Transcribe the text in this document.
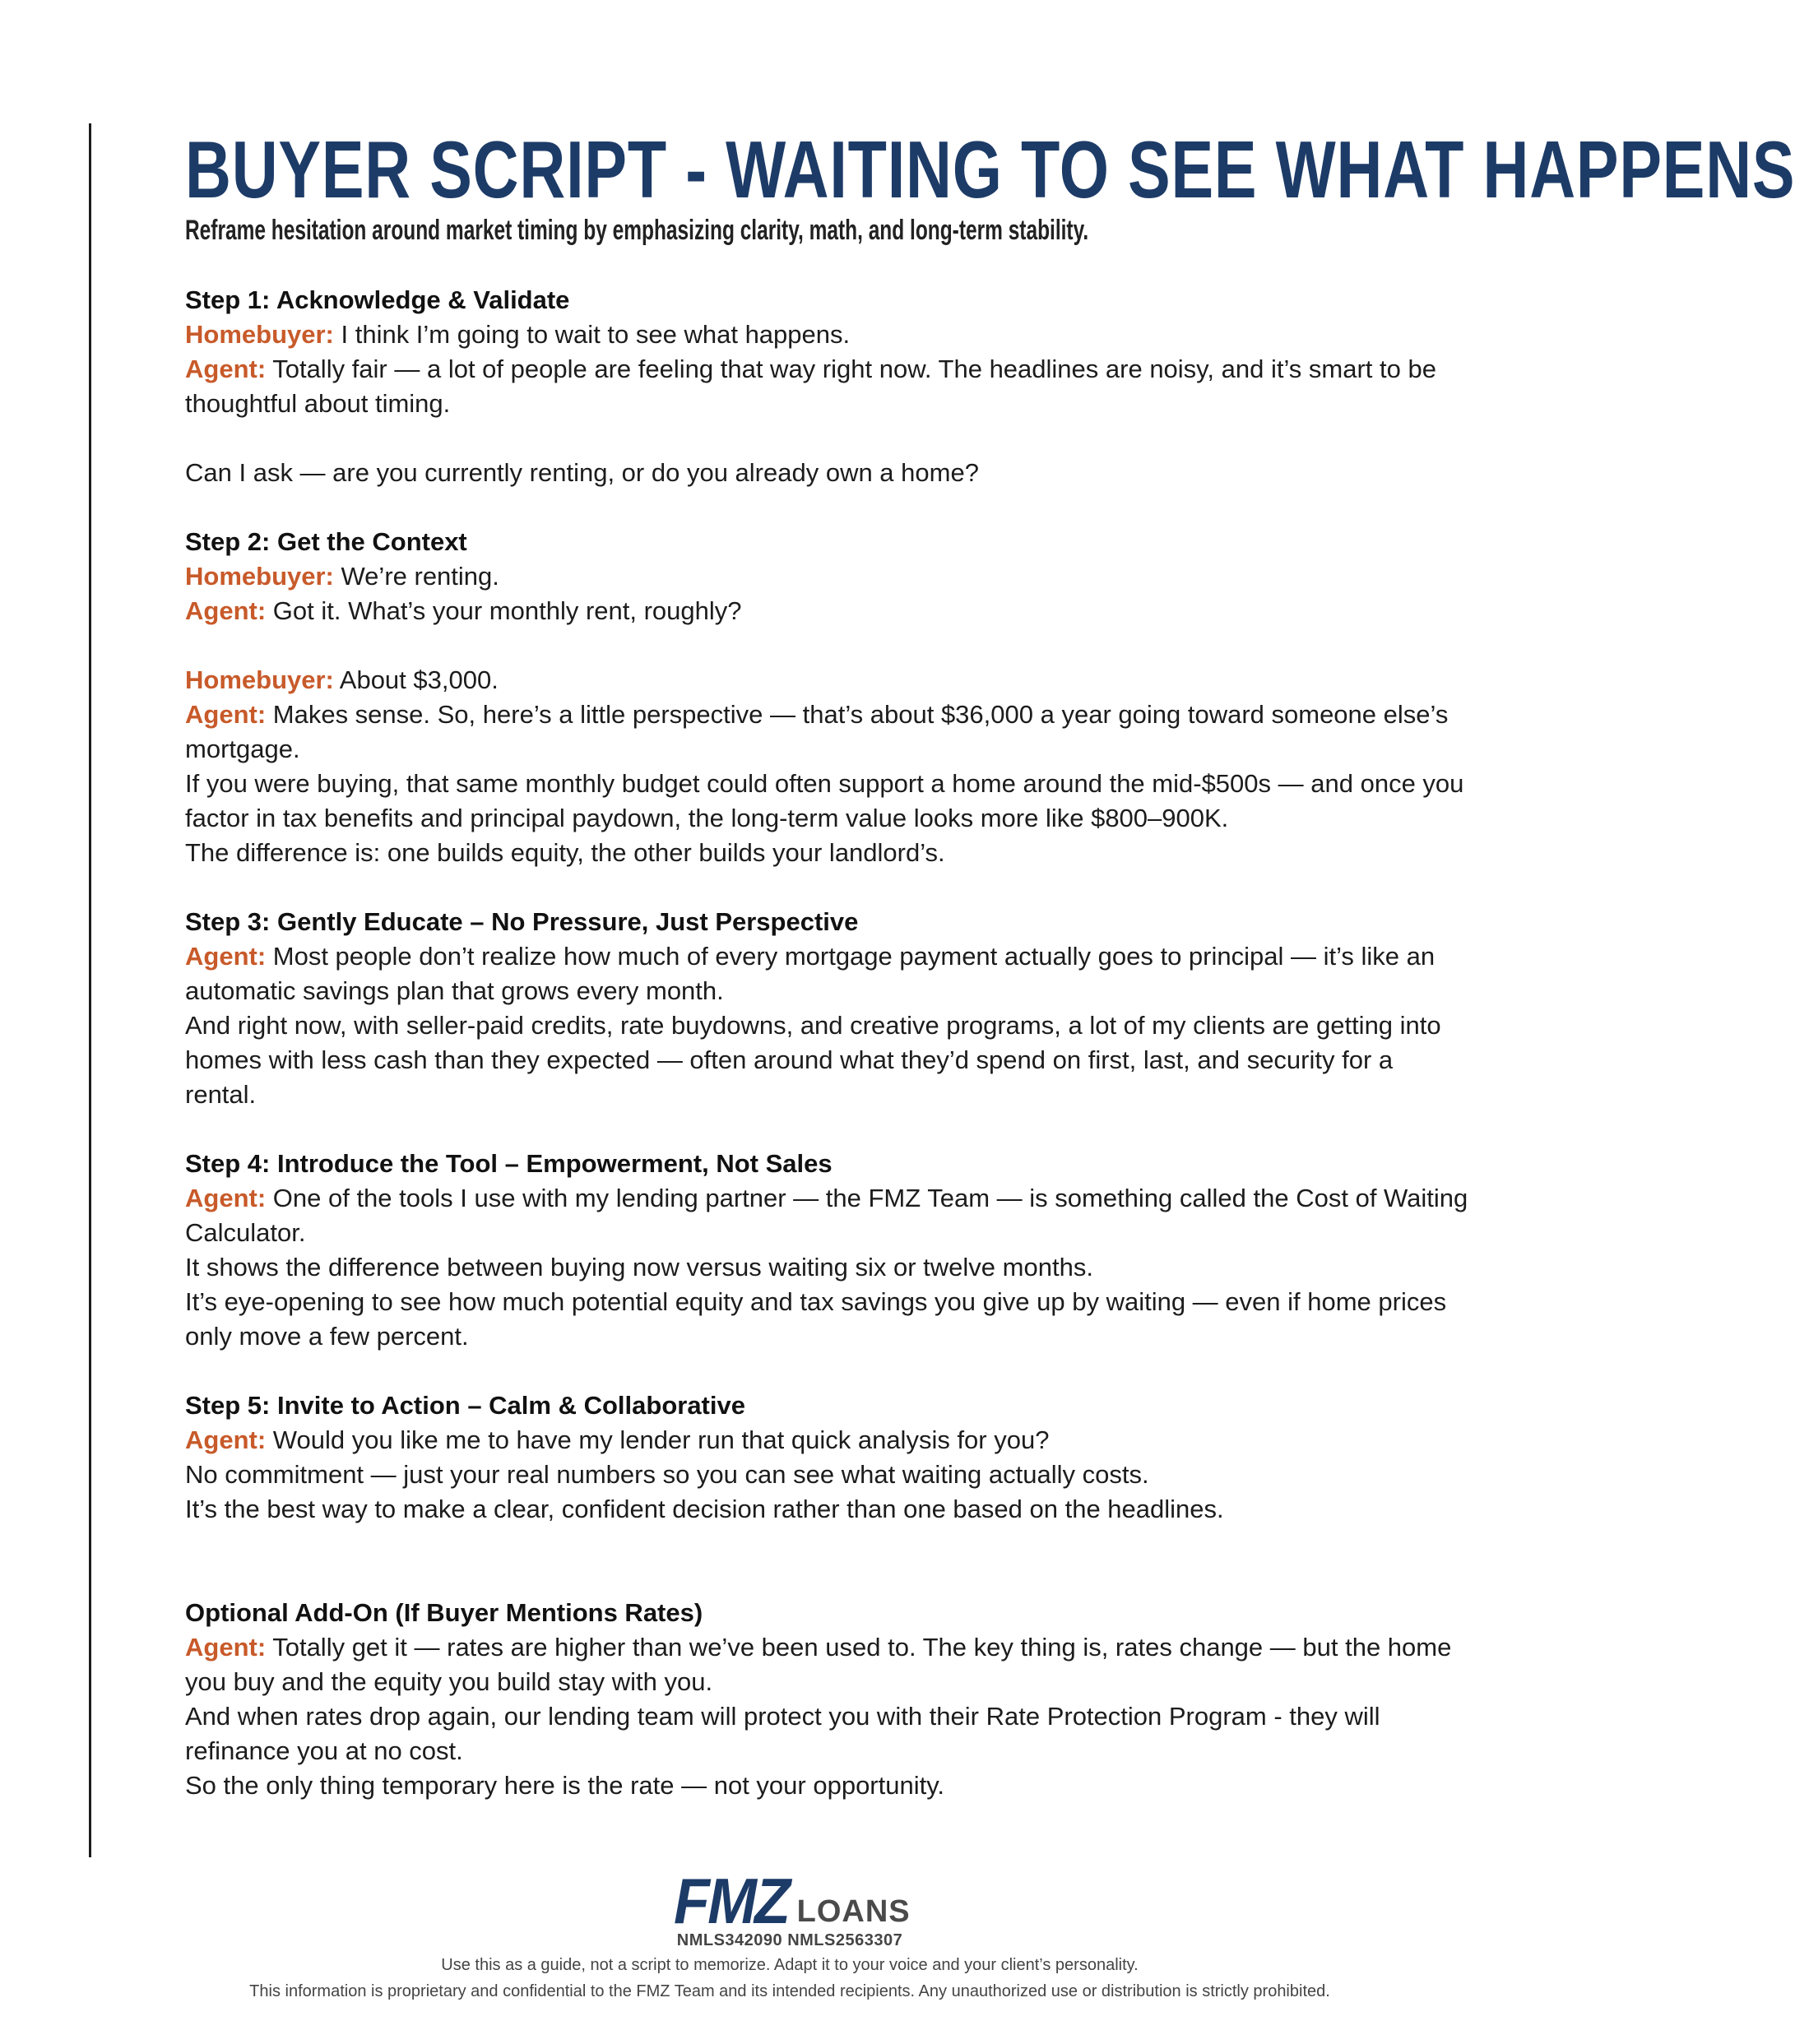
BUYER SCRIPT - WAITING TO SEE WHAT HAPPENS

Reframe hesitation around market timing by emphasizing clarity, math, and long-term stability.

Step 1: Acknowledge & Validate

Homebuyer: I think I’m going to wait to see what happens.

Agent: Totally fair — a lot of people are feeling that way right now. The headlines are noisy, and it’s smart to be thoughtful about timing.

Can I ask — are you currently renting, or do you already own a home?

Step 2: Get the Context

Homebuyer: We’re renting.

Agent: Got it. What’s your monthly rent, roughly?

Homebuyer: About $3,000.

Agent: Makes sense. So, here’s a little perspective — that’s about $36,000 a year going toward someone else’s mortgage.

If you were buying, that same monthly budget could often support a home around the mid-$500s — and once you factor in tax benefits and principal paydown, the long-term value looks more like $800–900K.

The difference is: one builds equity, the other builds your landlord’s.

Step 3: Gently Educate – No Pressure, Just Perspective

Agent: Most people don’t realize how much of every mortgage payment actually goes to principal — it’s like an automatic savings plan that grows every month.

And right now, with seller-paid credits, rate buydowns, and creative programs, a lot of my clients are getting into homes with less cash than they expected — often around what they’d spend on first, last, and security for a rental.

Step 4: Introduce the Tool – Empowerment, Not Sales

Agent: One of the tools I use with my lending partner — the FMZ Team — is something called the Cost of Waiting Calculator.

It shows the difference between buying now versus waiting six or twelve months.

It’s eye-opening to see how much potential equity and tax savings you give up by waiting — even if home prices only move a few percent.

Step 5: Invite to Action – Calm & Collaborative

Agent: Would you like me to have my lender run that quick analysis for you?

No commitment — just your real numbers so you can see what waiting actually costs.

It’s the best way to make a clear, confident decision rather than one based on the headlines.

Optional Add-On (If Buyer Mentions Rates)

Agent: Totally get it — rates are higher than we’ve been used to. The key thing is, rates change — but the home you buy and the equity you build stay with you.

And when rates drop again, our lending team will protect you with their Rate Protection Program - they will refinance you at no cost.

So the only thing temporary here is the rate — not your opportunity.

FMZ LOANS

NMLS342090 NMLS2563307

Use this as a guide, not a script to memorize. Adapt it to your voice and your client’s personality.

This information is proprietary and confidential to the FMZ Team and its intended recipients. Any unauthorized use or distribution is strictly prohibited.
